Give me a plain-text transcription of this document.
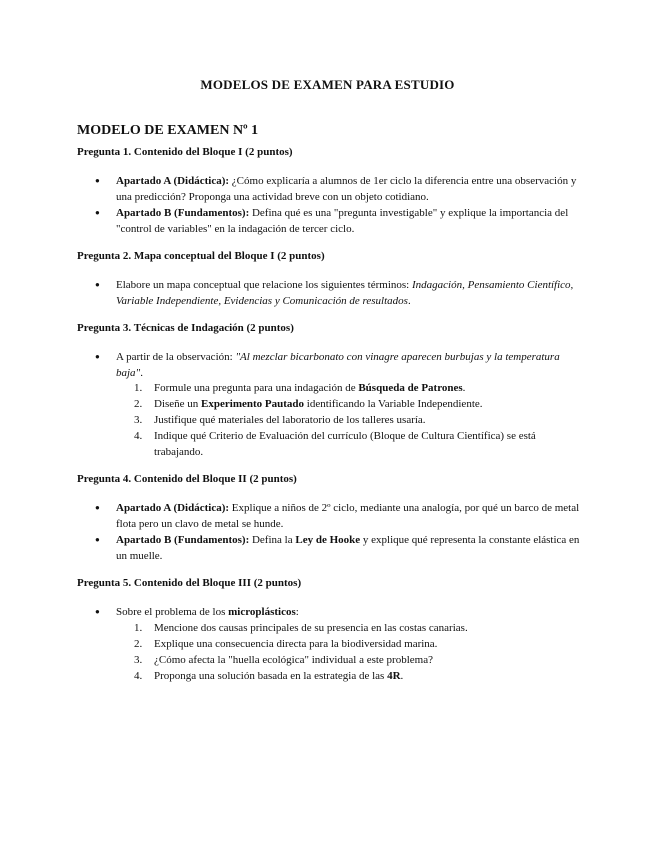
MODELOS DE EXAMEN PARA ESTUDIO
MODELO DE EXAMEN Nº 1
Pregunta 1. Contenido del Bloque I (2 puntos)
● Apartado A (Didáctica): ¿Cómo explicaría a alumnos de 1er ciclo la diferencia entre una observación y una predicción? Proponga una actividad breve con un objeto cotidiano.
● Apartado B (Fundamentos): Defina qué es una "pregunta investigable" y explique la importancia del "control de variables" en la indagación de tercer ciclo.
Pregunta 2. Mapa conceptual del Bloque I (2 puntos)
● Elabore un mapa conceptual que relacione los siguientes términos: Indagación, Pensamiento Científico, Variable Independiente, Evidencias y Comunicación de resultados.
Pregunta 3. Técnicas de Indagación (2 puntos)
● A partir de la observación: "Al mezclar bicarbonato con vinagre aparecen burbujas y la temperatura baja".
1. Formule una pregunta para una indagación de Búsqueda de Patrones.
2. Diseñe un Experimento Pautado identificando la Variable Independiente.
3. Justifique qué materiales del laboratorio de los talleres usaría.
4. Indique qué Criterio de Evaluación del currículo (Bloque de Cultura Científica) se está trabajando.
Pregunta 4. Contenido del Bloque II (2 puntos)
● Apartado A (Didáctica): Explique a niños de 2º ciclo, mediante una analogía, por qué un barco de metal flota pero un clavo de metal se hunde.
● Apartado B (Fundamentos): Defina la Ley de Hooke y explique qué representa la constante elástica en un muelle.
Pregunta 5. Contenido del Bloque III (2 puntos)
● Sobre el problema de los microplásticos:
1. Mencione dos causas principales de su presencia en las costas canarias.
2. Explique una consecuencia directa para la biodiversidad marina.
3. ¿Cómo afecta la "huella ecológica" individual a este problema?
4. Proponga una solución basada en la estrategia de las 4R.
